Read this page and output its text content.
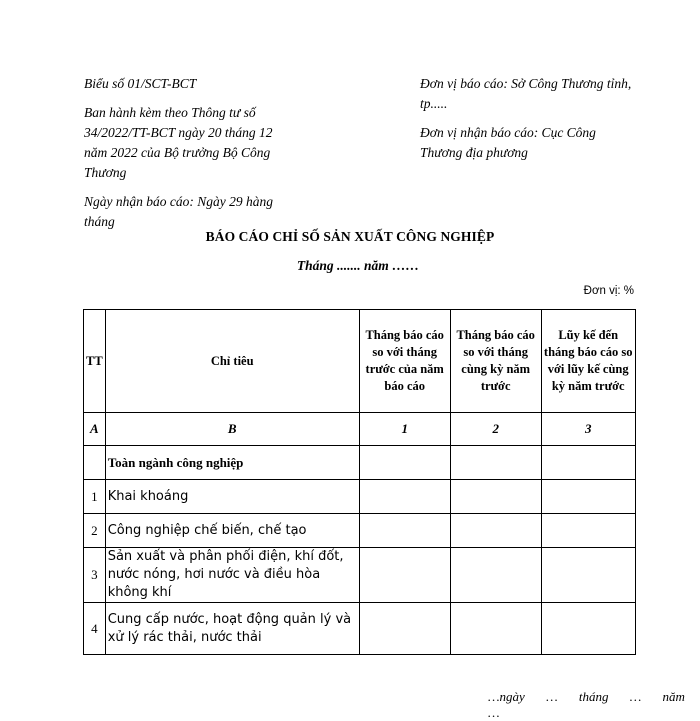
Biểu số 01/SCT-BCT

Ban hành kèm theo Thông tư số 34/2022/TT-BCT ngày 20 tháng 12 năm 2022 của Bộ trưởng Bộ Công Thương

Ngày nhận báo cáo: Ngày 29 hàng tháng

Đơn vị báo cáo: Sở Công Thương tỉnh, tp.....

Đơn vị nhận báo cáo: Cục Công Thương địa phương

BÁO CÁO CHỈ SỐ SẢN XUẤT CÔNG NGHIỆP
Tháng ....... năm ……
Đơn vị: %
TT	Chỉ tiêu	Tháng báo cáo so với tháng trước của năm báo cáo	Tháng báo cáo so với tháng cùng kỳ năm trước	Lũy kế đến tháng báo cáo so với lũy kế cùng kỳ năm trước
A	B	1	2	3
	Toàn ngành công nghiệp			
1	Khai khoáng			
2	Công nghiệp chế biến, chế tạo			
3	Sản xuất và phân phối điện, khí đốt, nước nóng, hơi nước và điều hòa không khí			
4	Cung cấp nước, hoạt động quản lý và xử lý rác thải, nước thải			
…ngày … tháng … năm …
